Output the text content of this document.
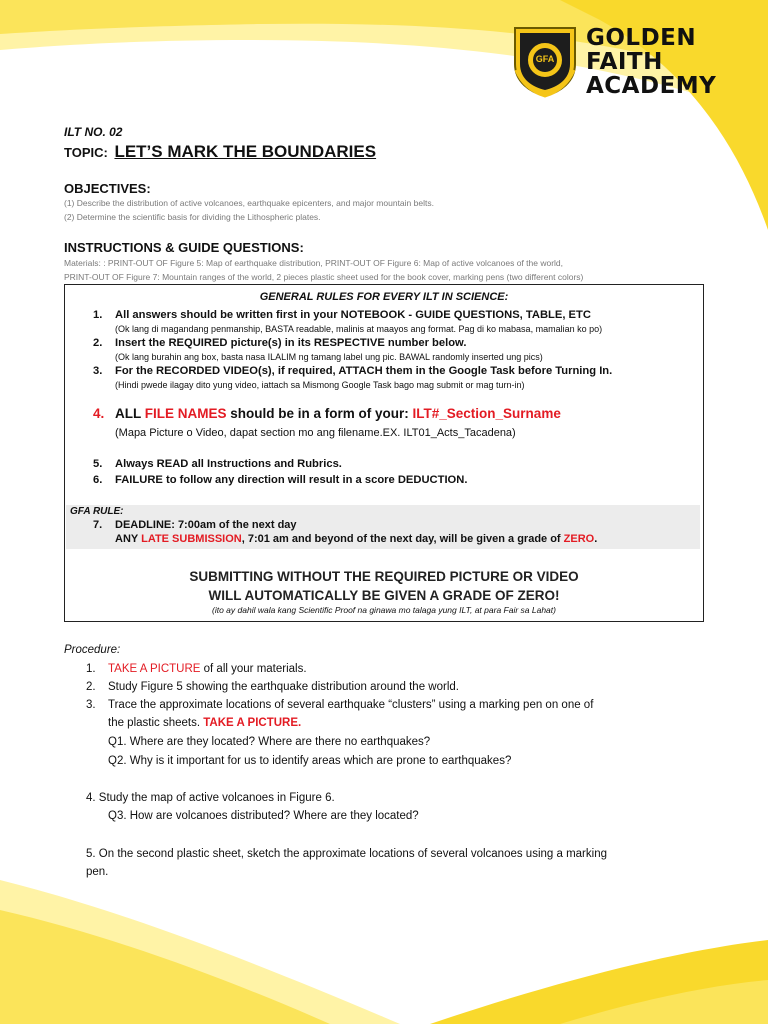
GFA
GOLDEN
FAITH
ACADEMY
ILT NO. 02
TOPIC: LET’S MARK THE BOUNDARIES
OBJECTIVES:
(1) Describe the distribution of active volcanoes, earthquake epicenters, and major mountain belts.
(2) Determine the scientific basis for dividing the Lithospheric plates.
INSTRUCTIONS & GUIDE QUESTIONS:
Materials: : PRINT-OUT OF Figure 5: Map of earthquake distribution, PRINT-OUT OF Figure 6: Map of active volcanoes of the world,
PRINT-OUT OF Figure 7: Mountain ranges of the world, 2 pieces plastic sheet used for the book cover, marking pens (two different colors)
GENERAL RULES FOR EVERY ILT IN SCIENCE:
1. All answers should be written first in your NOTEBOOK - GUIDE QUESTIONS, TABLE, ETC
(Ok lang di magandang penmanship, BASTA readable, malinis at maayos ang format. Pag di ko mabasa, mamalian ko po)
2. Insert the REQUIRED picture(s) in its RESPECTIVE number below.
(Ok lang burahin ang box, basta nasa ILALIM ng tamang label ung pic. BAWAL randomly inserted ung pics)
3. For the RECORDED VIDEO(s), if required, ATTACH them in the Google Task before Turning In.
(Hindi pwede ilagay dito yung video, iattach sa Mismong Google Task bago mag submit or mag turn-in)
4. ALL FILE NAMES should be in a form of your: ILT#_Section_Surname
(Mapa Picture o Video, dapat section mo ang filename.EX. ILT01_Acts_Tacadena)
5. Always READ all Instructions and Rubrics.
6. FAILURE to follow any direction will result in a score DEDUCTION.
GFA RULE:
7. DEADLINE: 7:00am of the next day
ANY LATE SUBMISSION, 7:01 am and beyond of the next day, will be given a grade of ZERO.
SUBMITTING WITHOUT THE REQUIRED PICTURE OR VIDEO
WILL AUTOMATICALLY BE GIVEN A GRADE OF ZERO!
(ito ay dahil wala kang Scientific Proof na ginawa mo talaga yung ILT, at para Fair sa Lahat)
Procedure:
1. TAKE A PICTURE of all your materials.
2. Study Figure 5 showing the earthquake distribution around the world.
3. Trace the approximate locations of several earthquake “clusters” using a marking pen on one of
the plastic sheets. TAKE A PICTURE.
Q1. Where are they located? Where are there no earthquakes?
Q2. Why is it important for us to identify areas which are prone to earthquakes?
4. Study the map of active volcanoes in Figure 6.
Q3. How are volcanoes distributed? Where are they located?
5. On the second plastic sheet, sketch the approximate locations of several volcanoes using a marking
pen.
